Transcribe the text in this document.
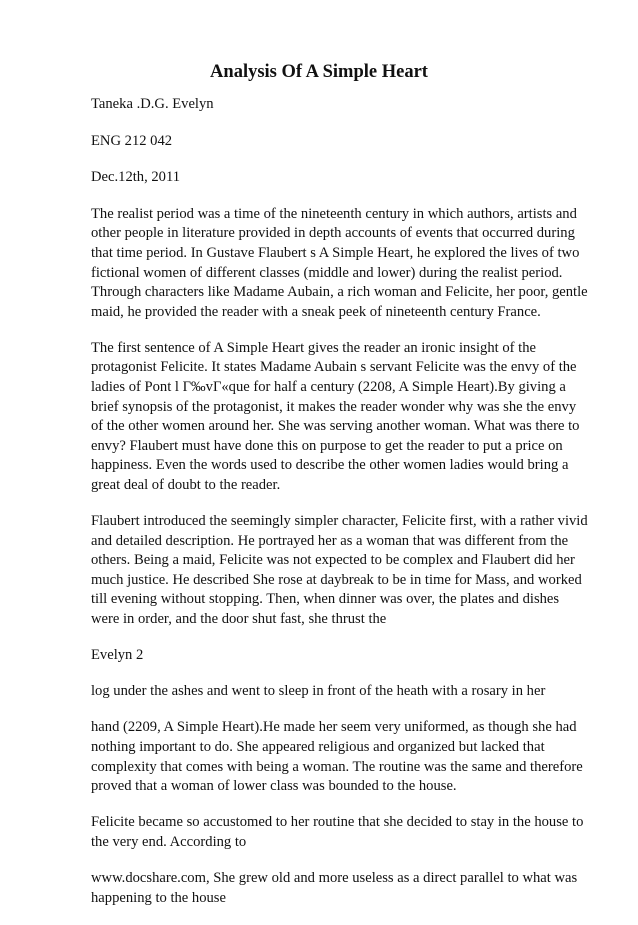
Analysis Of A Simple Heart

Taneka .D.G. Evelyn

ENG 212 042

Dec.12th, 2011

The realist period was a time of the nineteenth century in which authors, artists and other people in literature provided in depth accounts of events that occurred during that time period. In Gustave Flaubert s A Simple Heart, he explored the lives of two fictional women of different classes (middle and lower) during the realist period. Through characters like Madame Aubain, a rich woman and Felicite, her poor, gentle maid, he provided the reader with a sneak peek of nineteenth century France.

The first sentence of A Simple Heart gives the reader an ironic insight of the protagonist Felicite. It states Madame Aubain s servant Felicite was the envy of the ladies of Pont l Γ‰vΓ«que for half a century (2208, A Simple Heart).By giving a brief synopsis of the protagonist, it makes the reader wonder why was she the envy of the other women around her. She was serving another woman. What was there to envy? Flaubert must have done this on purpose to get the reader to put a price on happiness. Even the words used to describe the other women ladies would bring a great deal of doubt to the reader.

Flaubert introduced the seemingly simpler character, Felicite first, with a rather vivid and detailed description. He portrayed her as a woman that was different from the others. Being a maid, Felicite was not expected to be complex and Flaubert did her much justice. He described She rose at daybreak to be in time for Mass, and worked till evening without stopping. Then, when dinner was over, the plates and dishes were in order, and the door shut fast, she thrust the

Evelyn 2

log under the ashes and went to sleep in front of the heath with a rosary in her

hand (2209, A Simple Heart).He made her seem very uniformed, as though she had nothing important to do. She appeared religious and organized but lacked that complexity that comes with being a woman. The routine was the same and therefore proved that a woman of lower class was bounded to the house.

Felicite became so accustomed to her routine that she decided to stay in the house to the very end. According to

www.docshare.com, She grew old and more useless as a direct parallel to what was happening to the house
